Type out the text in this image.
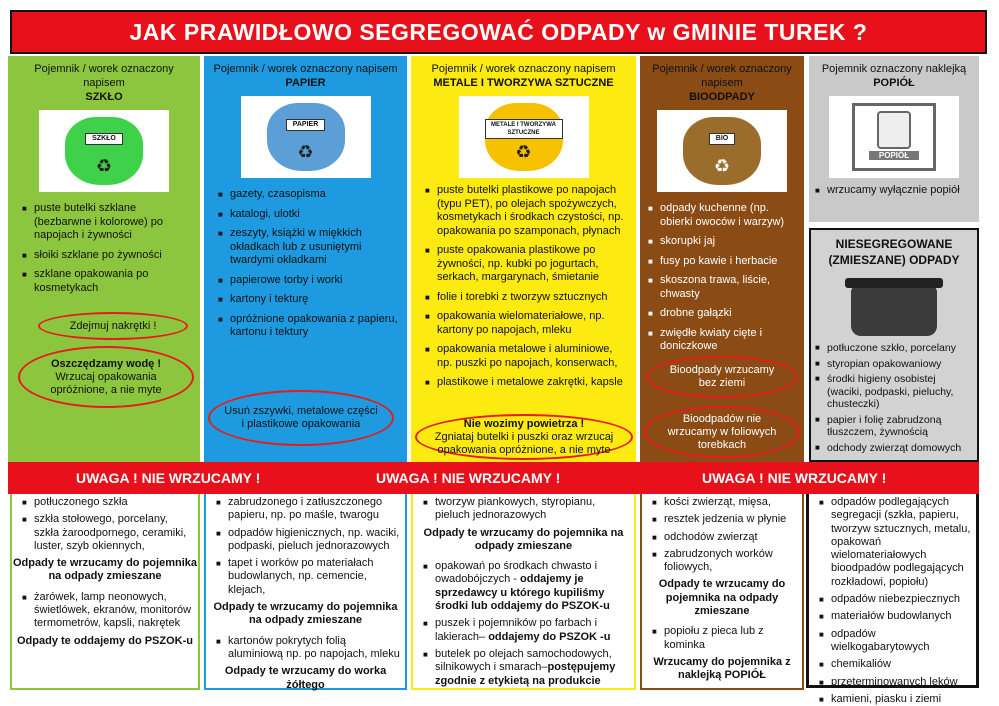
JAK PRAWIDŁOWO SEGREGOWAĆ ODPADY w GMINIE TUREK ?
Pojemnik / worek oznaczony napisem
SZKŁO
SZKŁO
♻
■ puste butelki szklane (bezbarwne i kolorowe) po napojach i żywności
■ słoiki szklane po żywności
■ szklane opakowania po kosmetykach
Zdejmuj nakrętki !
Oszczędzamy wodę !
Wrzucaj opakowania opróżnione, a nie myte
Pojemnik / worek oznaczony napisem
PAPIER
PAPIER
♻
■ gazety, czasopisma
■ katalogi, ulotki
■ zeszyty, książki w miękkich okładkach lub z usuniętymi twardymi okładkami
■ papierowe torby i worki
■ kartony i tekturę
■ opróżnione opakowania z papieru, kartonu i tektury
Usuń zszywki, metalowe części i plastikowe opakowania
Pojemnik / worek oznaczony napisem
METALE I TWORZYWA SZTUCZNE
METALE I TWORZYWA SZTUCZNE
♻
■ puste butelki plastikowe po napojach (typu PET), po olejach spożywczych, kosmetykach i środkach czystości, np. opakowania po szamponach, płynach
■ puste opakowania plastikowe po żywności, np. kubki po jogurtach, serkach, margarynach, śmietanie
■ folie i torebki z tworzyw sztucznych
■ opakowania wielomateriałowe, np. kartony po napojach, mleku
■ opakowania metalowe i aluminiowe, np. puszki po napojach, konserwach,
■ plastikowe i metalowe zakrętki, kapsle
Nie wozimy powietrza !
Zgniataj butelki i puszki oraz wrzucaj opakowania opróżnione, a nie myte
Pojemnik / worek oznaczony napisem
BIOODPADY
BIO
♻
■ odpady kuchenne (np. obierki owoców i warzyw)
■ skorupki jaj
■ fusy po kawie i herbacie
■ skoszona trawa, liście, chwasty
■ drobne gałązki
■ zwiędłe kwiaty cięte i doniczkowe
Bioodpady wrzucamy bez ziemi
Bioodpadów nie wrzucamy w foliowych torebkach
Pojemnik oznaczony naklejką
POPIÓŁ
POPIÓŁ
■ wrzucamy wyłącznie popiół
NIESEGREGOWANE
(ZMIESZANE) ODPADY
■ potłuczone szkło, porcelany
■ styropian opakowaniowy
■ środki higieny osobistej (waciki, podpaski, pieluchy, chusteczki)
■ papier i folię zabrudzoną tłuszczem, żywnością
■ odchody zwierząt domowych
UWAGA ! NIE WRZUCAMY !	UWAGA ! NIE WRZUCAMY !	UWAGA ! NIE WRZUCAMY !
■ potłuczonego szkła
■ szkła stołowego, porcelany, szkła żaroodpornego, ceramiki, luster, szyb okiennych,
Odpady te wrzucamy do pojemnika na odpady zmieszane
■ żarówek, lamp neonowych, świetlówek, ekranów, monitorów termometrów, kapsli, nakrętek
Odpady te oddajemy do PSZOK-u
■ zabrudzonego i zatłuszczonego papieru, np. po maśle, twarogu
■ odpadów higienicznych, np. waciki, podpaski, pieluch jednorazowych
■ tapet i worków po materiałach budowlanych, np. cemencie, klejach,
Odpady te wrzucamy do pojemnika na odpady zmieszane
■ kartonów pokrytych folią aluminiową np. po napojach, mleku
Odpady te wrzucamy do worka żółtego
■ tworzyw piankowych, styropianu, pieluch jednorazowych
Odpady te wrzucamy do pojemnika na odpady zmieszane
■ opakowań po środkach chwasto i owadobójczych - oddajemy je sprzedawcy u którego kupiliśmy środki lub oddajemy do PSZOK-u
■ puszek i pojemników po farbach i lakierach– oddajemy do PSZOK -u
■ butelek po olejach samochodowych, silnikowych i smarach–postępujemy zgodnie z etykietą na produkcie
■ kości zwierząt, mięsa,
■ resztek jedzenia w płynie
■ odchodów zwierząt
■ zabrudzonych worków foliowych,
Odpady te wrzucamy do pojemnika na odpady zmieszane
■ popiołu z pieca lub z kominka
Wrzucamy do pojemnika z naklejką POPIÓŁ
■ odpadów podlegających segregacji (szkła, papieru, tworzyw sztucznych, metalu, opakowań wielomateriałowych bioodpadów podlegających rozkładowi, popiołu)
■ odpadów niebezpiecznych
■ materiałów budowlanych
■ odpadów wielkogabarytowych
■ chemikaliów
■ przeterminowanych leków
■ kamieni, piasku i ziemi
